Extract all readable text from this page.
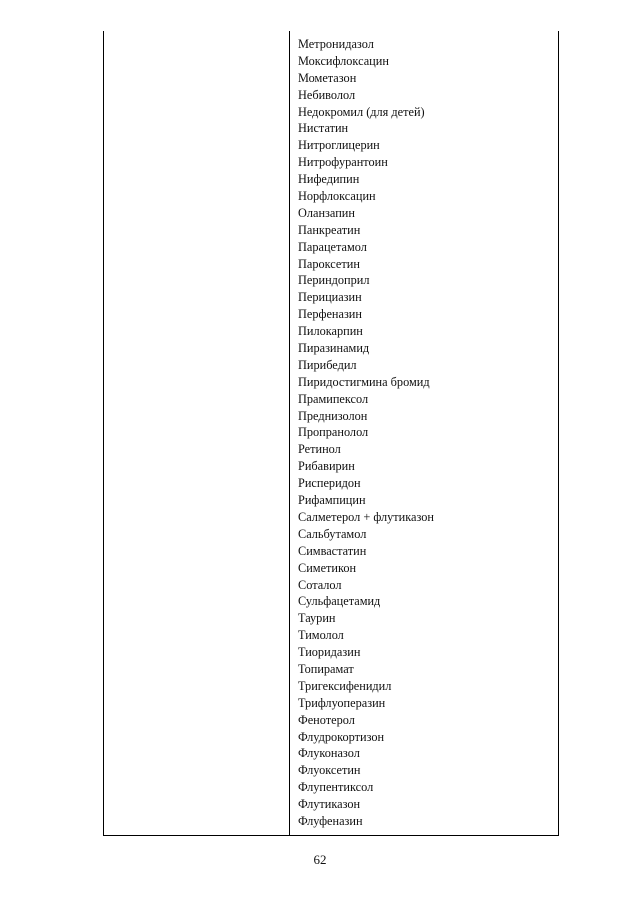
Метронидазол
Моксифлоксацин
Мометазон
Небиволол
Недокромил (для детей)
Нистатин
Нитроглицерин
Нитрофурантоин
Нифедипин
Норфлоксацин
Оланзапин
Панкреатин
Парацетамол
Пароксетин
Периндоприл
Перициазин
Перфеназин
Пилокарпин
Пиразинамид
Пирибедил
Пиридостигмина бромид
Прамипексол
Преднизолон
Пропранолол
Ретинол
Рибавирин
Рисперидон
Рифампицин
Салметерол + флутиказон
Сальбутамол
Симвастатин
Симетикон
Соталол
Сульфацетамид
Таурин
Тимолол
Тиоридазин
Топирамат
Тригексифенидил
Трифлуоперазин
Фенотерол
Флудрокортизон
Флуконазол
Флуоксетин
Флупентиксол
Флутиказон
Флуфеназин
62
